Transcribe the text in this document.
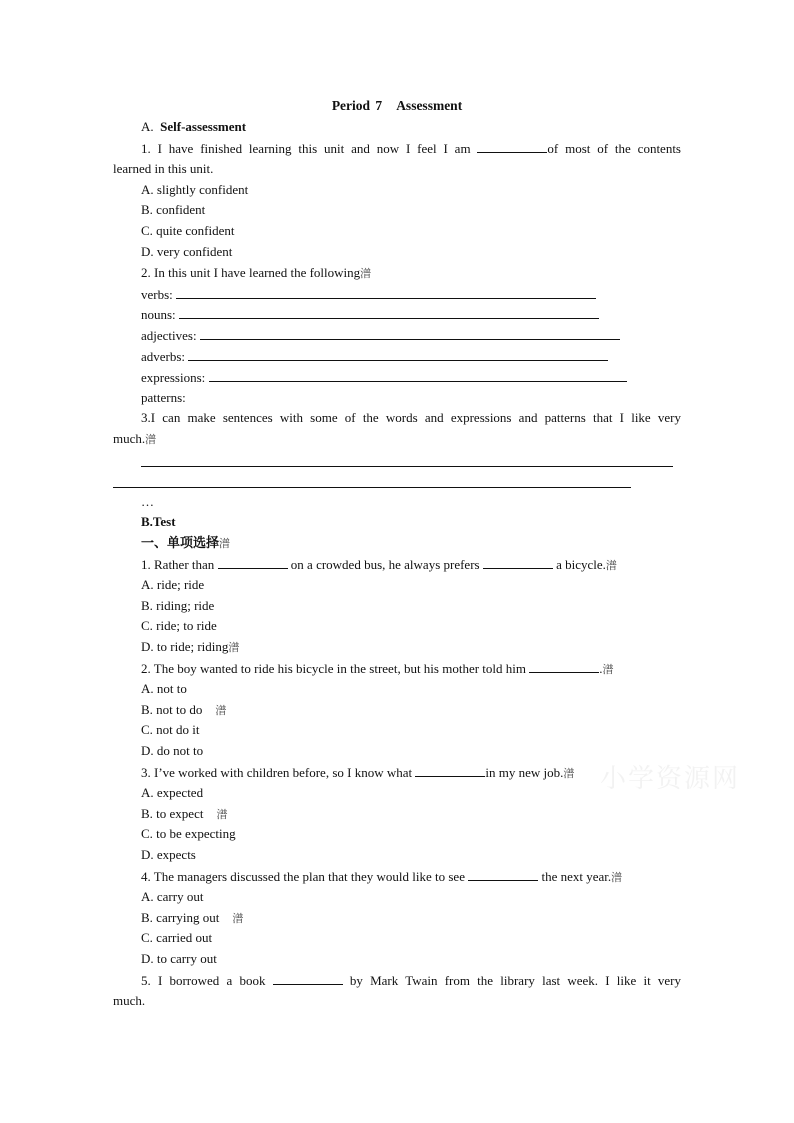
Period 7 Assessment
A. Self-assessment
1. I have finished learning this unit and now I feel I am	of most of the contents
learned in this unit.
A. slightly confident
B. confident
C. quite confident
D. very confident
2. In this unit I have learned the following潽
verbs:
nouns:
adjectives:
adverbs:
expressions:
patterns:
3.I can make sentences with some of the words and expressions and patterns that I like very
much.潽
…
B.Test
一、单项选择潽
1. Rather than	on a crowded bus, he always prefers	a bicycle.潽
A. ride; ride
B. riding; ride
C. ride; to ride
D. to ride; riding潽
2. The boy wanted to ride his bicycle in the street, but his mother told him	.潽
A. not to
B. not to do 潽
C. not do it
D. do not to
3. I’ve worked with children before, so I know what	in my new job.潽
A. expected
B. to expect 潽
C. to be expecting
D. expects
4. The managers discussed the plan that they would like to see	the next year.潽
A. carry out
B. carrying out 潽
C. carried out
D. to carry out
5. I borrowed a book	by Mark Twain from the library last week. I like it very
much.
小学资源网
